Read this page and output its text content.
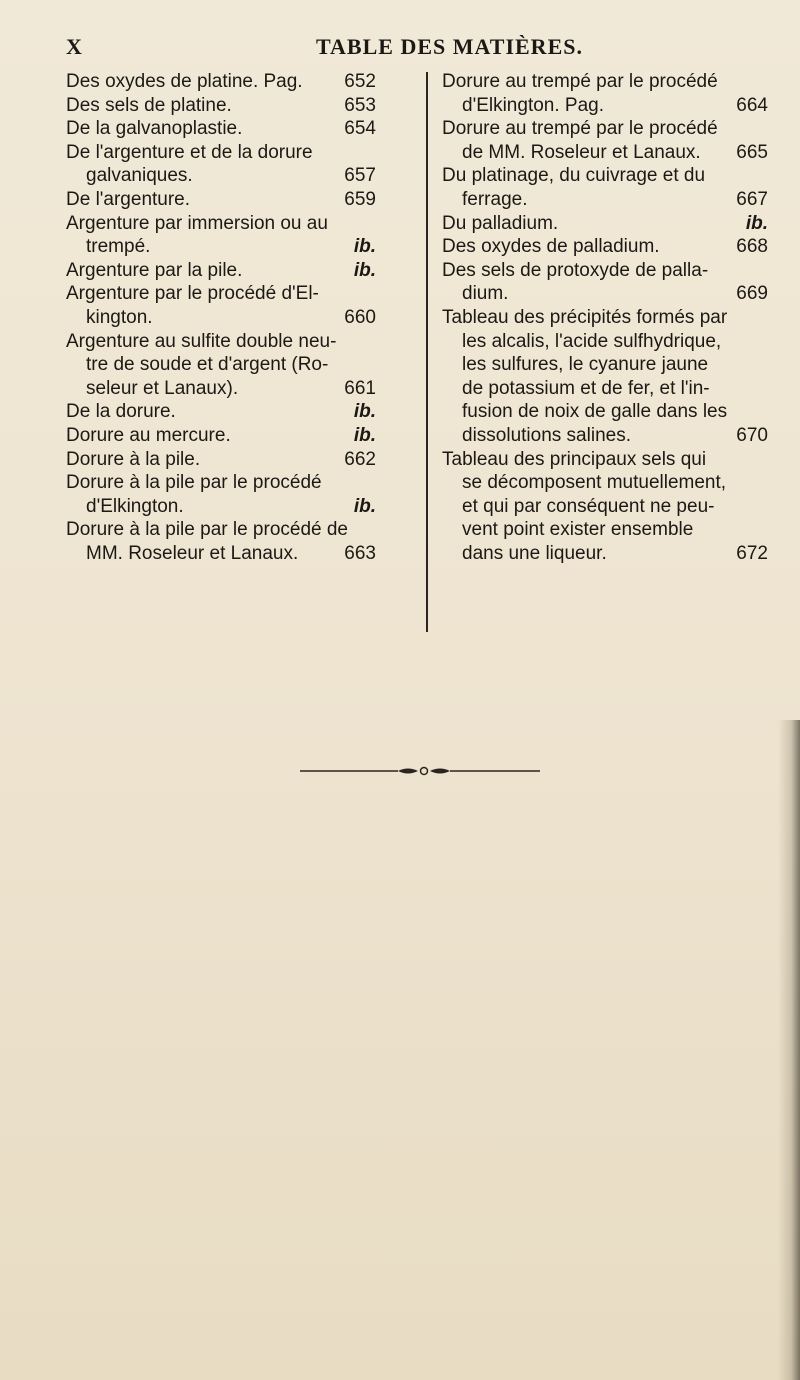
X	TABLE DES MATIÈRES.
Des oxydes de platine. Pag.	652
Des sels de platine.	653
De la galvanoplastie.	654
De l'argenture et de la dorure
galvaniques.	657
De l'argenture.	659
Argenture par immersion ou au
trempé.	ib.
Argenture par la pile.	ib.
Argenture par le procédé d'El-
kington.	660
Argenture au sulfite double neu-
tre de soude et d'argent (Ro-
seleur et Lanaux).	661
De la dorure.	ib.
Dorure au mercure.	ib.
Dorure à la pile.	662
Dorure à la pile par le procédé
d'Elkington.	ib.
Dorure à la pile par le procédé de
MM. Roseleur et Lanaux.	663
Dorure au trempé par le procédé
d'Elkington. Pag.	664
Dorure au trempé par le procédé
de MM. Roseleur et Lanaux.	665
Du platinage, du cuivrage et du
ferrage.	667
Du palladium.	ib.
Des oxydes de palladium.	668
Des sels de protoxyde de palla-
dium.	669
Tableau des précipités formés par
les alcalis, l'acide sulfhydrique,
les sulfures, le cyanure jaune
de potassium et de fer, et l'in-
fusion de noix de galle dans les
dissolutions salines.	670
Tableau des principaux sels qui
se décomposent mutuellement,
et qui par conséquent ne peu-
vent point exister ensemble
dans une liqueur.	672
